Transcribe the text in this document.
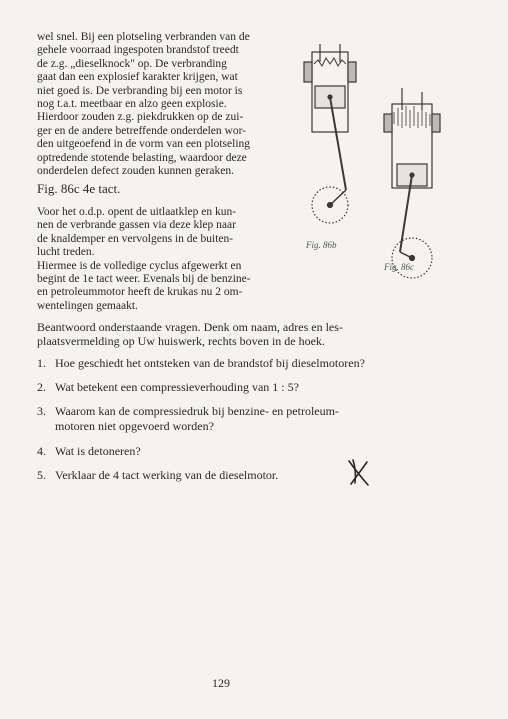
wel snel. Bij een plotseling verbranden van de
gehele voorraad ingespoten brandstof treedt
de z.g. „dieselknock" op. De verbranding
gaat dan een explosief karakter krijgen, wat
niet goed is. De verbranding bij een motor is
nog t.a.t. meetbaar en alzo geen explosie.
Hierdoor zouden z.g. piekdrukken op de zui-
ger en de andere betreffende onderdelen wor-
den uitgeoefend in de vorm van een plotseling
optredende stotende belasting, waardoor deze
onderdelen defect zouden kunnen geraken.
Fig. 86c 4e tact.
Voor het o.d.p. opent de uitlaatklep en kun-
nen de verbrande gassen via deze klep naar
de knaldemper en vervolgens in de buiten-
lucht treden.
Hiermee is de volledige cyclus afgewerkt en
begint de 1e tact weer. Evenals bij de benzine-
en petroleummotor heeft de krukas nu 2 om-
wentelingen gemaakt.
Fig. 86b
Fig. 86c
Beantwoord onderstaande vragen. Denk om naam, adres en les-
plaatsvermelding op Uw huiswerk, rechts boven in de hoek.
1. Hoe geschiedt het ontsteken van de brandstof bij dieselmotoren?
2. Wat betekent een compressieverhouding van 1 : 5?
3. Waarom kan de compressiedruk bij benzine- en petroleum-
motoren niet opgevoerd worden?
4. Wat is detoneren?
5. Verklaar de 4 tact werking van de dieselmotor.
129
